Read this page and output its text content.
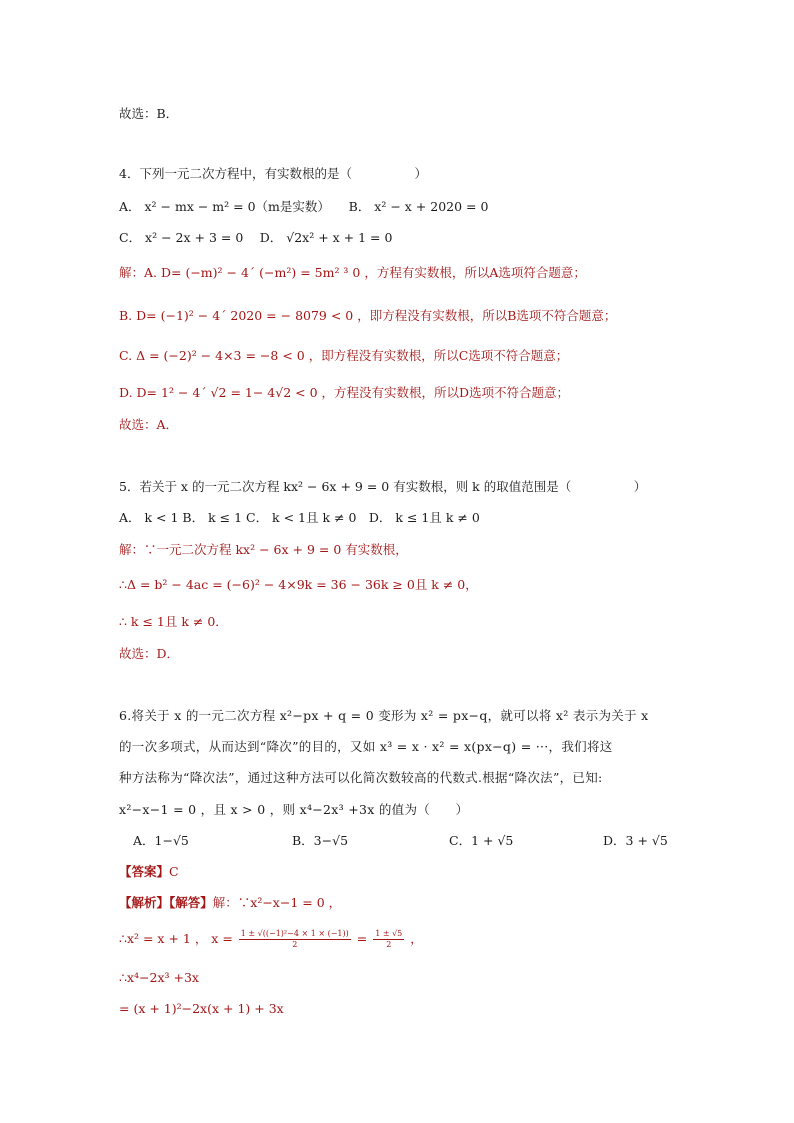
故选：B．
4．下列一元二次方程中，有实数根的是（　　　　　）
A． x² − mx − m² = 0（m是实数）　　B． x² − x + 2020 = 0
C． x² − 2x + 3 = 0　 D． √2x² + x + 1 = 0
解：A. D= (−m)² − 4´ (−m²) = 5m² ³ 0 ，方程有实数根，所以A选项符合题意；
B. D= (−1)² − 4´ 2020 = − 8079 < 0 ，即方程没有实数根，所以B选项不符合题意；
C. Δ = (−2)² − 4×3 = −8 < 0 ，即方程没有实数根，所以C选项不符合题意；
D. D= 1² − 4´ √2 = 1− 4√2 < 0 ，方程没有实数根，所以D选项不符合题意；
故选：A．
5．若关于 x 的一元二次方程 kx² − 6x + 9 = 0 有实数根，则 k 的取值范围是（　　　　　）
A． k < 1 B． k ≤ 1 C． k < 1且 k ≠ 0　D． k ≤ 1且 k ≠ 0
解：∵一元二次方程 kx² − 6x + 9 = 0 有实数根，
∴Δ = b² − 4ac = (−6)² − 4×9k = 36 − 36k ≥ 0且 k ≠ 0，
∴ k ≤ 1且 k ≠ 0．
故选：D．
6.将关于 x 的一元二次方程 x²−px + q = 0 变形为 x² = px−q，就可以将 x² 表示为关于 x
的一次多项式，从而达到“降次”的目的，又如 x³ = x · x² = x(px−q) = ···，我们将这
种方法称为“降次法”，通过这种方法可以化简次数较高的代数式.根据“降次法”，已知:
x²−x−1 = 0 ，且 x > 0 ，则 x⁴−2x³ +3x 的值为（　　）
A．1−√5	B．3−√5	C．1 + √5	D．3 + √5
【答案】C
【解析】【解答】解：∵x²−x−1 = 0 ，
∴x² = x + 1 ， $x = \frac{\text{1 ± √((−1)²−4 × 1 × (−1))}}{2} = \frac{1 \pm √5}{2}$ ，
∴x⁴−2x³ +3x
= (x + 1)²−2x(x + 1) + 3x
